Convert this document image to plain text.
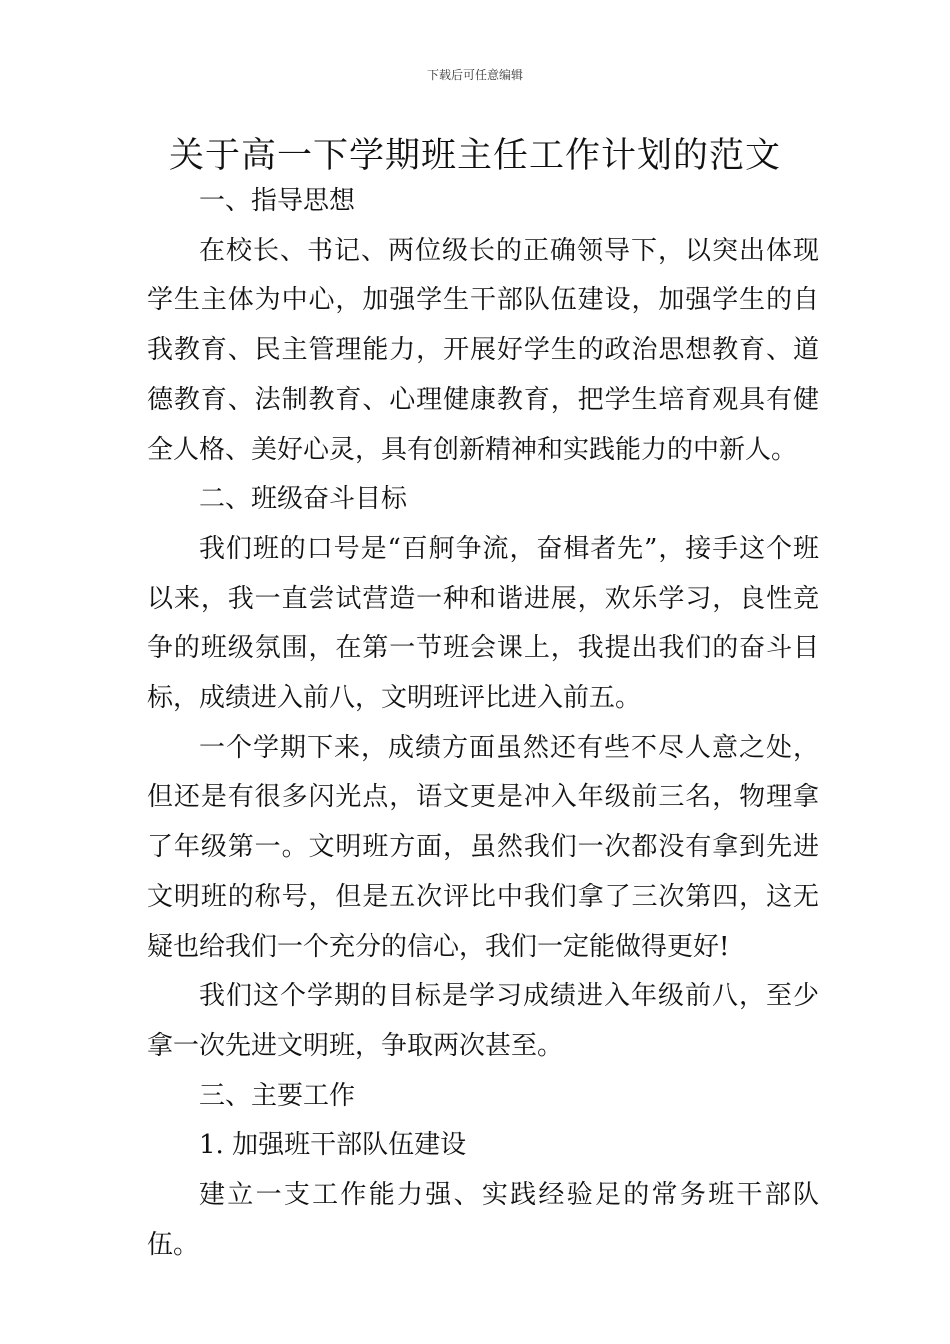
下载后可任意编辑
关于高一下学期班主任工作计划的范文

一、指导思想

在校长、书记、两位级长的正确领导下，以突出体现学生主体为中心，加强学生干部队伍建设，加强学生的自我教育、民主管理能力，开展好学生的政治思想教育、道德教育、法制教育、心理健康教育，把学生培育观具有健全人格、美好心灵，具有创新精神和实践能力的中新人。

二、班级奋斗目标

我们班的口号是“百舸争流，奋楫者先”，接手这个班以来，我一直尝试营造一种和谐进展，欢乐学习，良性竞争的班级氛围，在第一节班会课上，我提出我们的奋斗目标，成绩进入前八，文明班评比进入前五。

一个学期下来，成绩方面虽然还有些不尽人意之处，但还是有很多闪光点，语文更是冲入年级前三名，物理拿了年级第一。文明班方面，虽然我们一次都没有拿到先进文明班的称号，但是五次评比中我们拿了三次第四，这无疑也给我们一个充分的信心，我们一定能做得更好!

我们这个学期的目标是学习成绩进入年级前八，至少拿一次先进文明班，争取两次甚至。

三、主要工作

1. 加强班干部队伍建设

建立一支工作能力强、实践经验足的常务班干部队伍。
